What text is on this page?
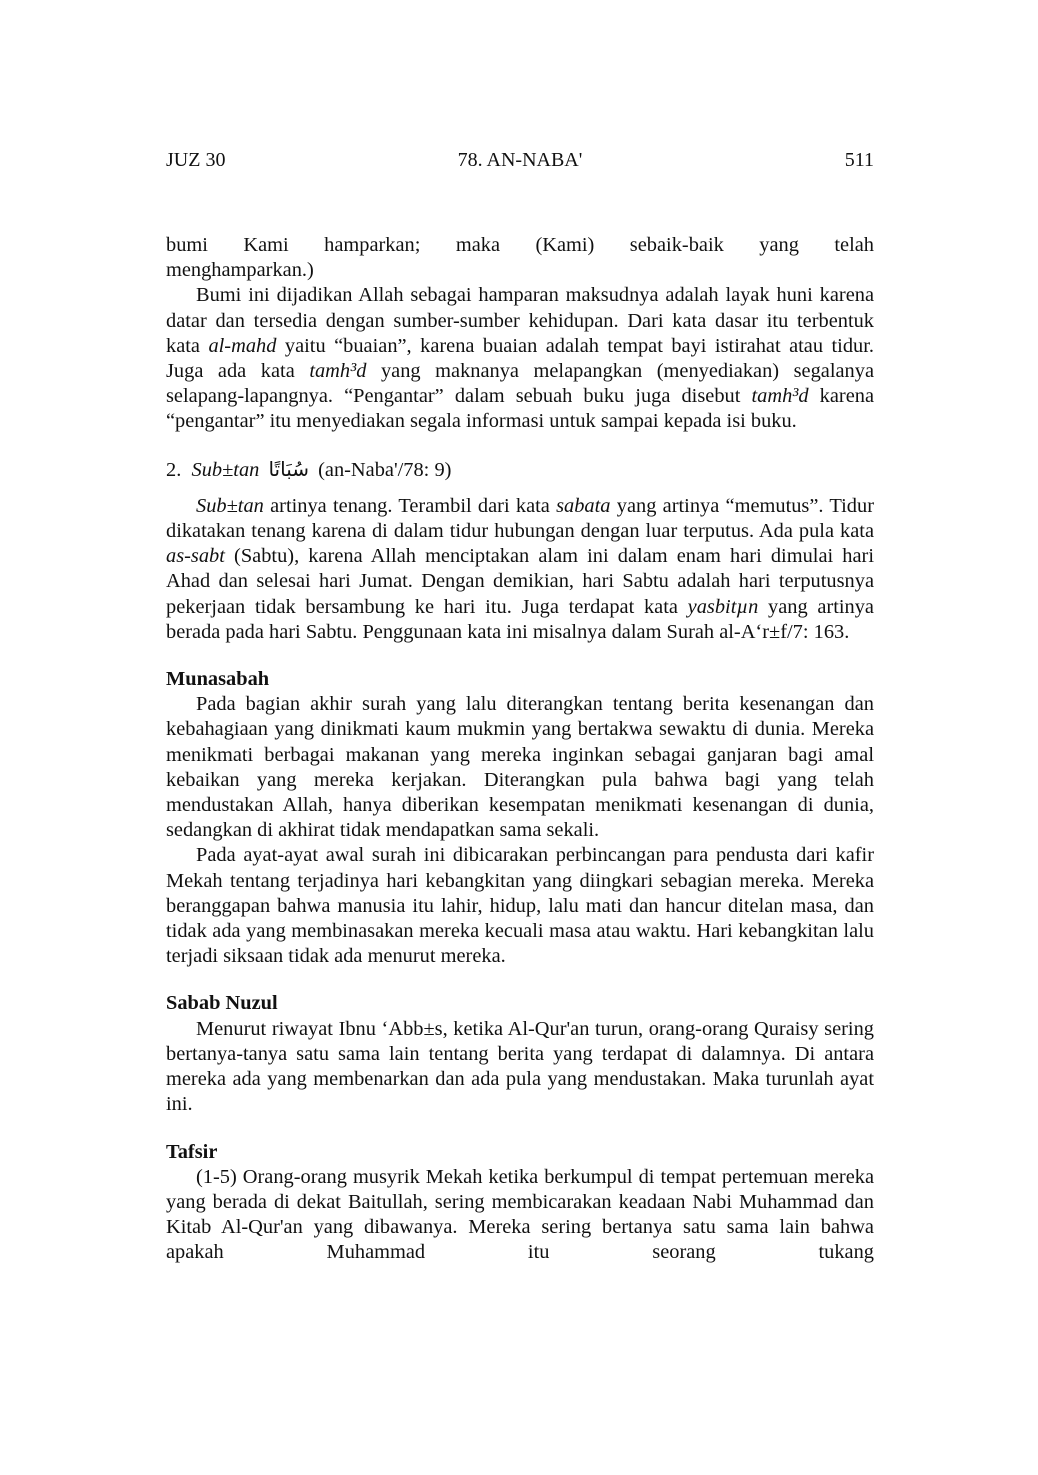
JUZ 30	78. AN-NABA'	511

bumi Kami hamparkan; maka (Kami) sebaik-baik yang telah

menghamparkan.)

Bumi ini dijadikan Allah sebagai hamparan maksudnya adalah layak huni karena datar dan tersedia dengan sumber-sumber kehidupan. Dari kata dasar itu terbentuk kata al-mahd yaitu “buaian”, karena buaian adalah tempat bayi istirahat atau tidur. Juga ada kata tamh³d yang maknanya melapangkan (menyediakan) segalanya selapang-lapangnya. “Pengantar” dalam sebuah buku juga disebut tamh³d karena “pengantar” itu menyediakan segala informasi untuk sampai kepada isi buku.

2. Sub±tan سُبَاتًا (an-Naba'/78: 9)

Sub±tan artinya tenang. Terambil dari kata sabata yang artinya “memutus”. Tidur dikatakan tenang karena di dalam tidur hubungan dengan luar terputus. Ada pula kata as-sabt (Sabtu), karena Allah menciptakan alam ini dalam enam hari dimulai hari Ahad dan selesai hari Jumat. Dengan demikian, hari Sabtu adalah hari terputusnya pekerjaan tidak bersambung ke hari itu. Juga terdapat kata yasbitµn yang artinya berada pada hari Sabtu. Penggunaan kata ini misalnya dalam Surah al-A‘r±f/7: 163.

Munasabah

Pada bagian akhir surah yang lalu diterangkan tentang berita kesenangan dan kebahagiaan yang dinikmati kaum mukmin yang bertakwa sewaktu di dunia. Mereka menikmati berbagai makanan yang mereka inginkan sebagai ganjaran bagi amal kebaikan yang mereka kerjakan. Diterangkan pula bahwa bagi yang telah mendustakan Allah, hanya diberikan kesempatan menikmati kesenangan di dunia, sedangkan di akhirat tidak mendapatkan sama sekali.

Pada ayat-ayat awal surah ini dibicarakan perbincangan para pendusta dari kafir Mekah tentang terjadinya hari kebangkitan yang diingkari sebagian mereka. Mereka beranggapan bahwa manusia itu lahir, hidup, lalu mati dan hancur ditelan masa, dan tidak ada yang membinasakan mereka kecuali masa atau waktu. Hari kebangkitan lalu terjadi siksaan tidak ada menurut mereka.

Sabab Nuzul

Menurut riwayat Ibnu ‘Abb±s, ketika Al-Qur'an turun, orang-orang Quraisy sering bertanya-tanya satu sama lain tentang berita yang terdapat di dalamnya. Di antara mereka ada yang membenarkan dan ada pula yang mendustakan. Maka turunlah ayat ini.

Tafsir

(1-5) Orang-orang musyrik Mekah ketika berkumpul di tempat pertemuan mereka yang berada di dekat Baitullah, sering membicarakan keadaan Nabi Muhammad dan Kitab Al-Qur'an yang dibawanya. Mereka sering bertanya satu sama lain bahwa apakah Muhammad itu seorang tukang
